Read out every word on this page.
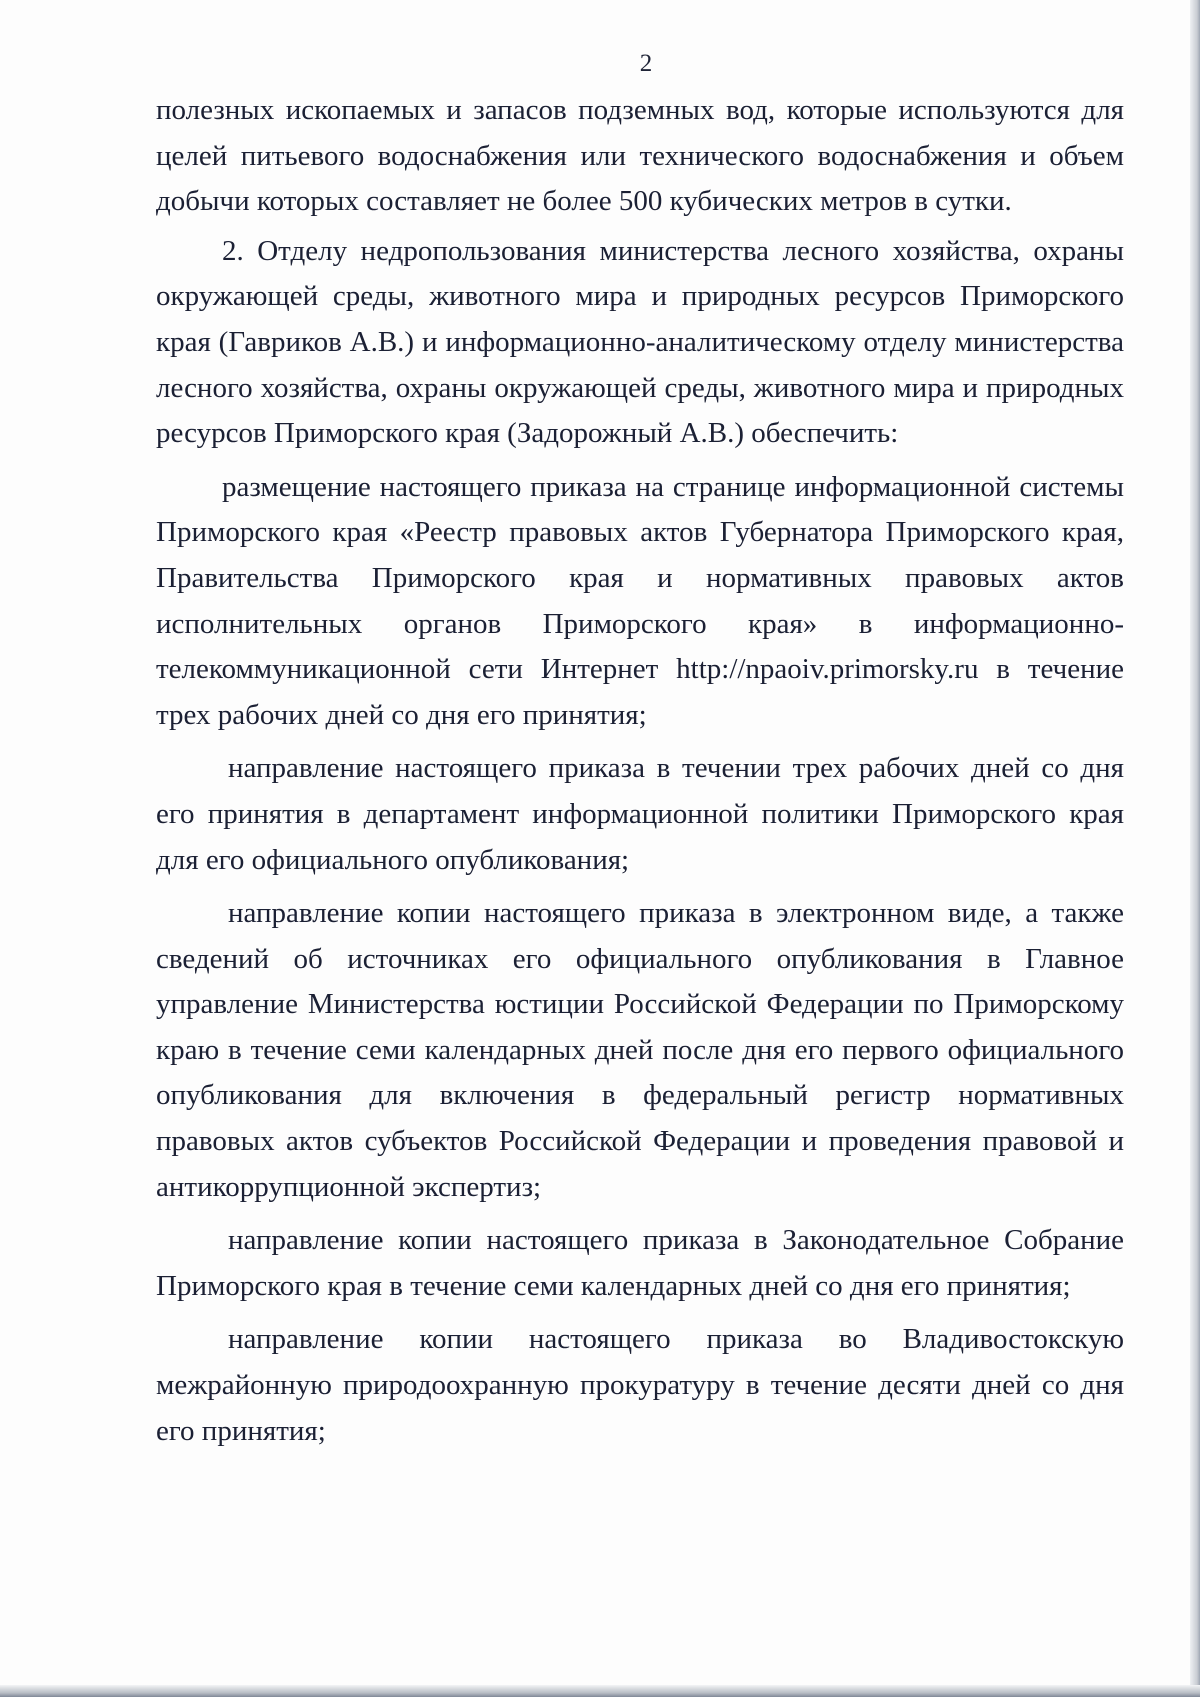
2

полезных ископаемых и запасов подземных вод, которые используются для целей питьевого водоснабжения или технического водоснабжения и объем добычи которых составляет не более 500 кубических метров в сутки.

2. Отделу недропользования министерства лесного хозяйства, охраны окружающей среды, животного мира и природных ресурсов Приморского края (Гавриков А.В.) и информационно-аналитическому отделу министерства лесного хозяйства, охраны окружающей среды, животного мира и природных ресурсов Приморского края (Задорожный А.В.) обеспечить:

размещение настоящего приказа на странице информационной системы Приморского края «Реестр правовых актов Губернатора Приморского края, Правительства Приморского края и нормативных правовых актов исполнительных органов Приморского края» в информационно-телекоммуникационной сети Интернет http://npaoiv.primorsky.ru в течение трех рабочих дней со дня его принятия;

направление настоящего приказа в течении трех рабочих дней со дня его принятия в департамент информационной политики Приморского края для его официального опубликования;

направление копии настоящего приказа в электронном виде, а также сведений об источниках его официального опубликования в Главное управление Министерства юстиции Российской Федерации по Приморскому краю в течение семи календарных дней после дня его первого официального опубликования для включения в федеральный регистр нормативных правовых актов субъектов Российской Федерации и проведения правовой и антикоррупционной экспертиз;

направление копии настоящего приказа в Законодательное Собрание Приморского края в течение семи календарных дней со дня его принятия;

направление копии настоящего приказа во Владивостокскую межрайонную природоохранную прокуратуру в течение десяти дней со дня его принятия;
